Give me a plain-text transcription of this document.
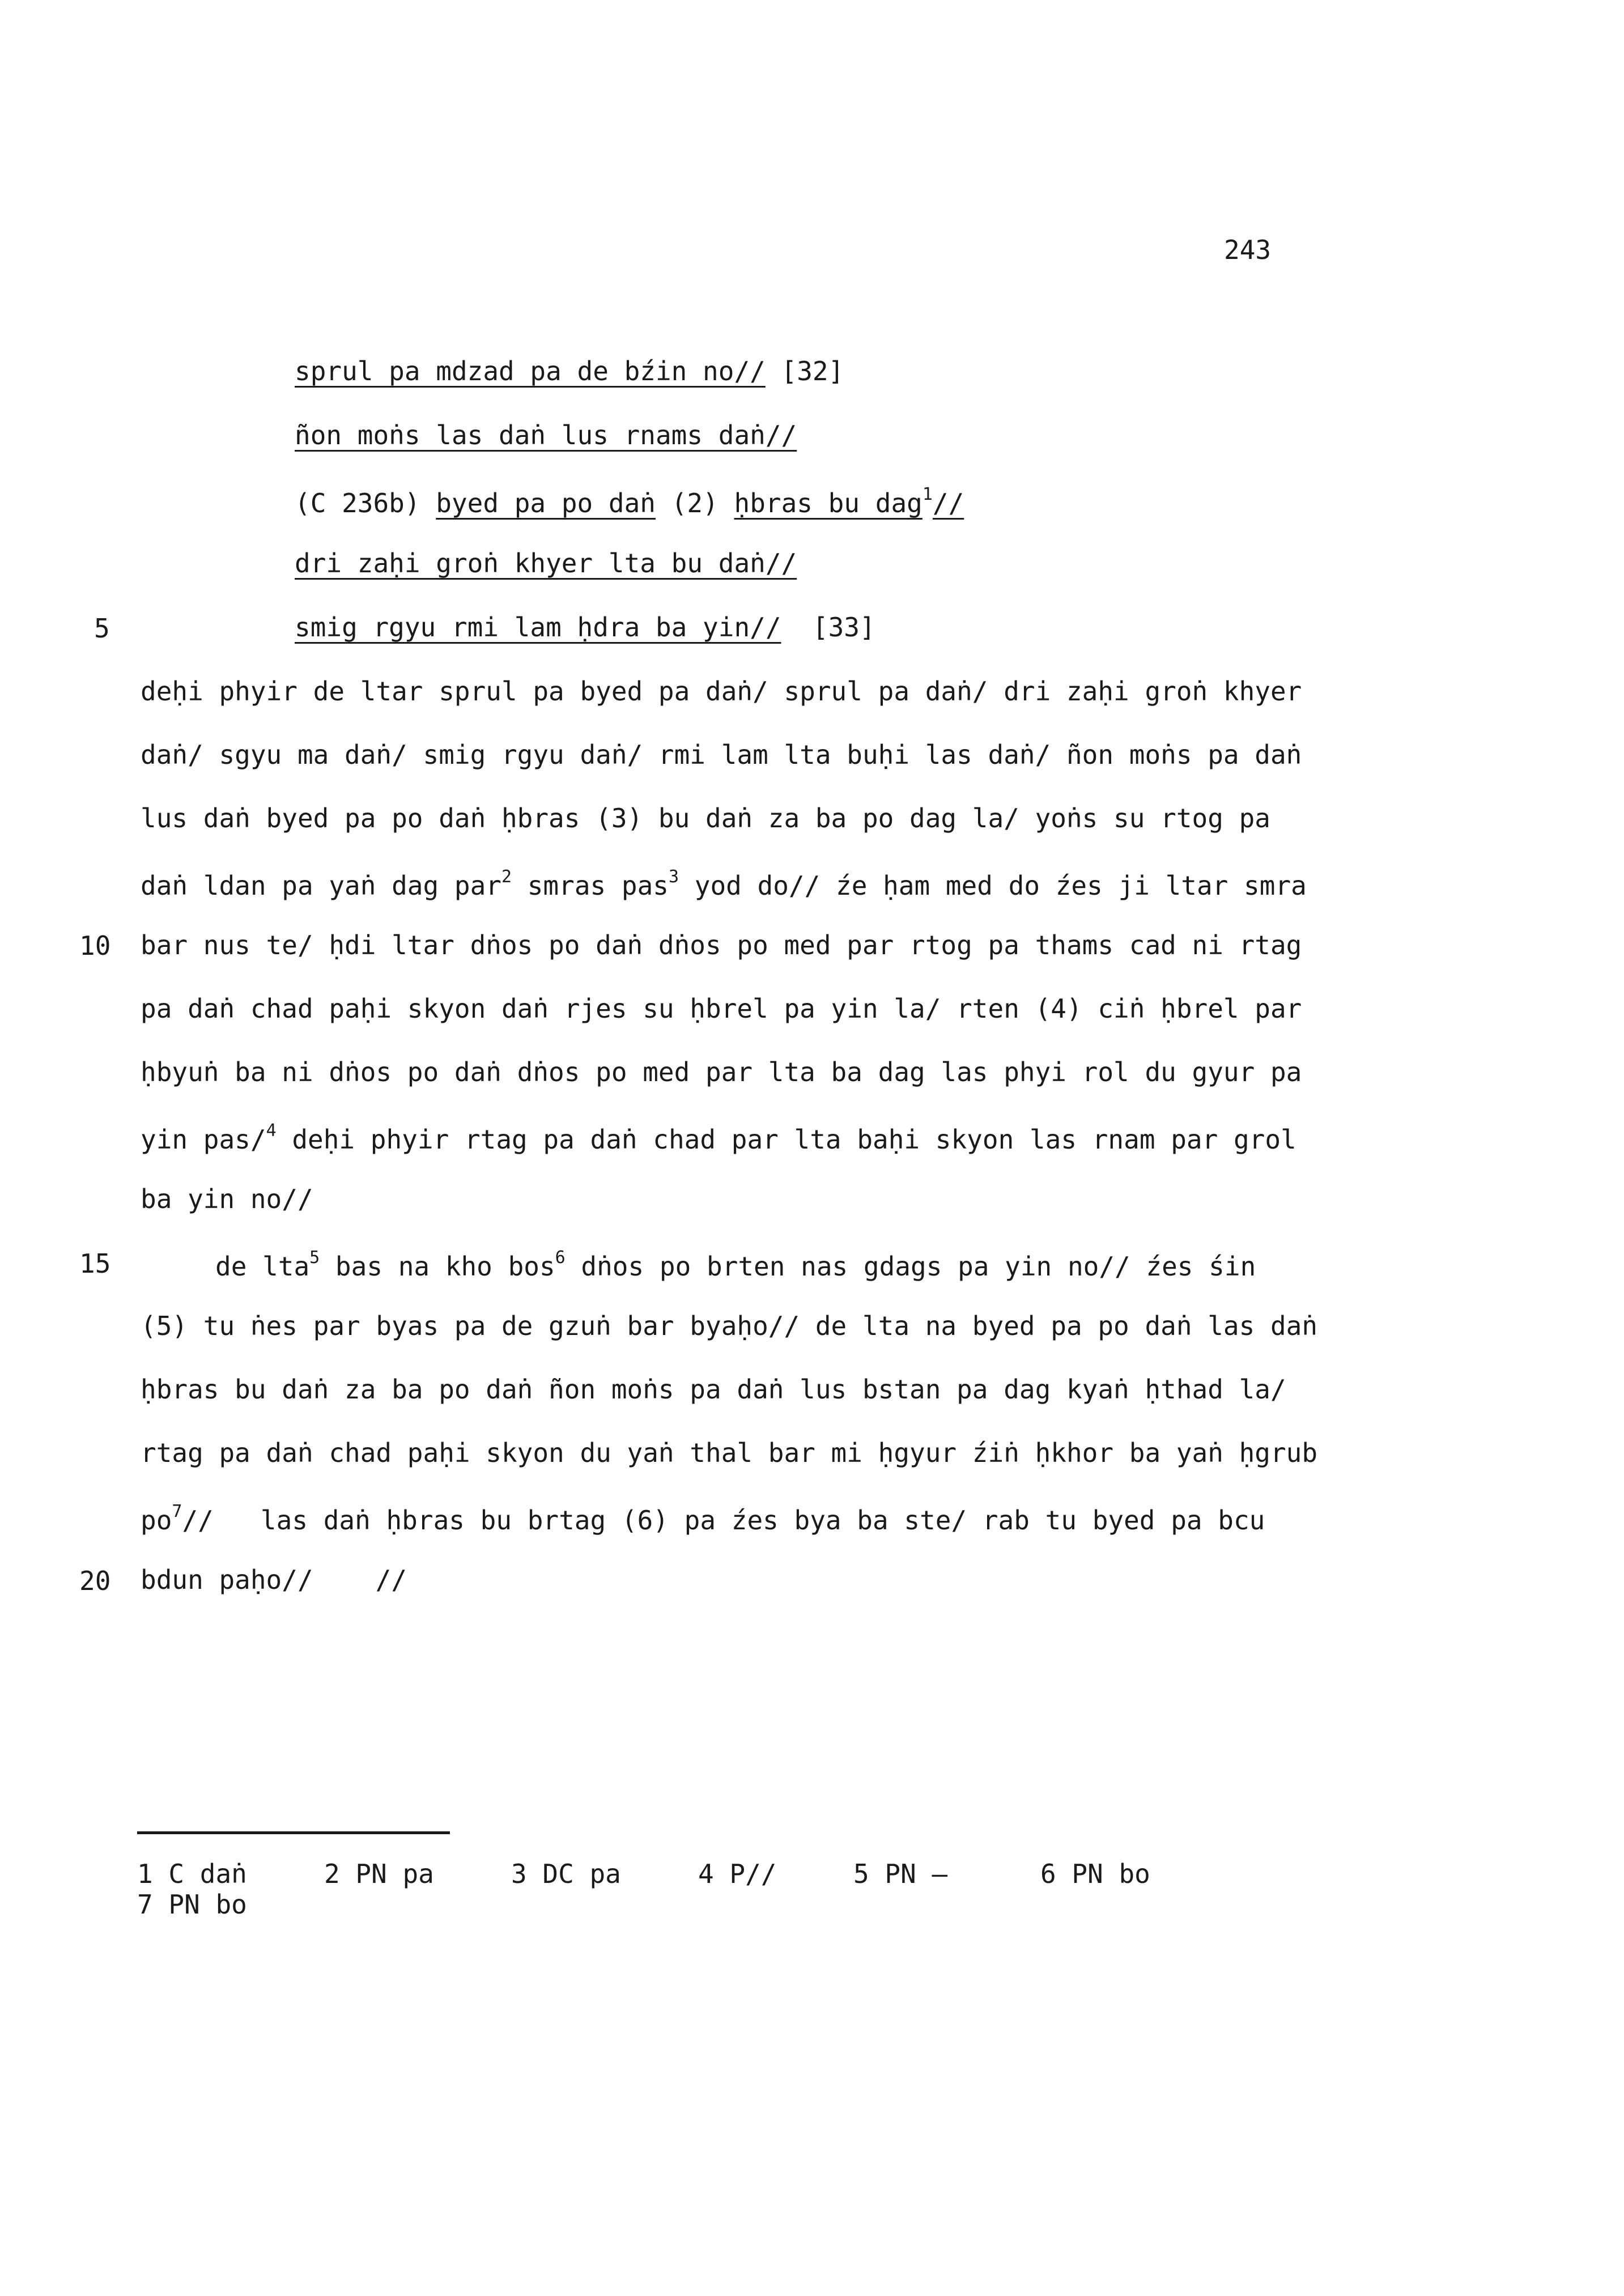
243
sprul pa mdzad pa de bźin no// [32]
ñon moṅs las daṅ lus rnams daṅ//
(C 236b) byed pa po daṅ (2) ḥbras bu dag$^1$//
dri zaḥi groṅ khyer lta bu daṅ//
5	smig rgyu rmi lam ḥdra ba yin// [33]
deḥi phyir de ltar sprul pa byed pa daṅ/ sprul pa daṅ/ dri zaḥi groṅ khyer
daṅ/ sgyu ma daṅ/ smig rgyu daṅ/ rmi lam lta buḥi las daṅ/ ñon moṅs pa daṅ
lus daṅ byed pa po daṅ ḥbras (3) bu daṅ za ba po dag la/ yoṅs su rtog pa
daṅ ldan pa yaṅ dag par$^2$ smras pas$^3$ yod do// źe ḥam med do źes ji ltar smra
10 bar nus te/ ḥdi ltar dṅos po daṅ dṅos po med par rtog pa thams cad ni rtag
pa daṅ chad paḥi skyon daṅ rjes su ḥbrel pa yin la/ rten (4) ciṅ ḥbrel par
ḥbyuṅ ba ni dṅos po daṅ dṅos po med par lta ba dag las phyi rol du gyur pa
yin pas/$^4$ deḥi phyir rtag pa daṅ chad par lta baḥi skyon las rnam par grol
ba yin no//
15	de lta$^5$ bas na kho bos$^6$ dṅos po brten nas gdags pa yin no// źes śin
(5) tu ṅes par byas pa de gzuṅ bar byaḥo// de lta na byed pa po daṅ las daṅ
ḥbras bu daṅ za ba po daṅ ñon moṅs pa daṅ lus bstan pa dag kyaṅ ḥthad la/
rtag pa daṅ chad paḥi skyon du yaṅ thal bar mi ḥgyur źiṅ ḥkhor ba yaṅ ḥgrub
$po^7//$   las daṅ ḥbras bu brtag (6) pa źes bya ba ste/ rab tu byed pa bcu
20 bdun paḥo// //
1 C daṅ	2 PN pa	3 DC pa	4 P//	5 PN —	6 PN bo
7 PN bo
